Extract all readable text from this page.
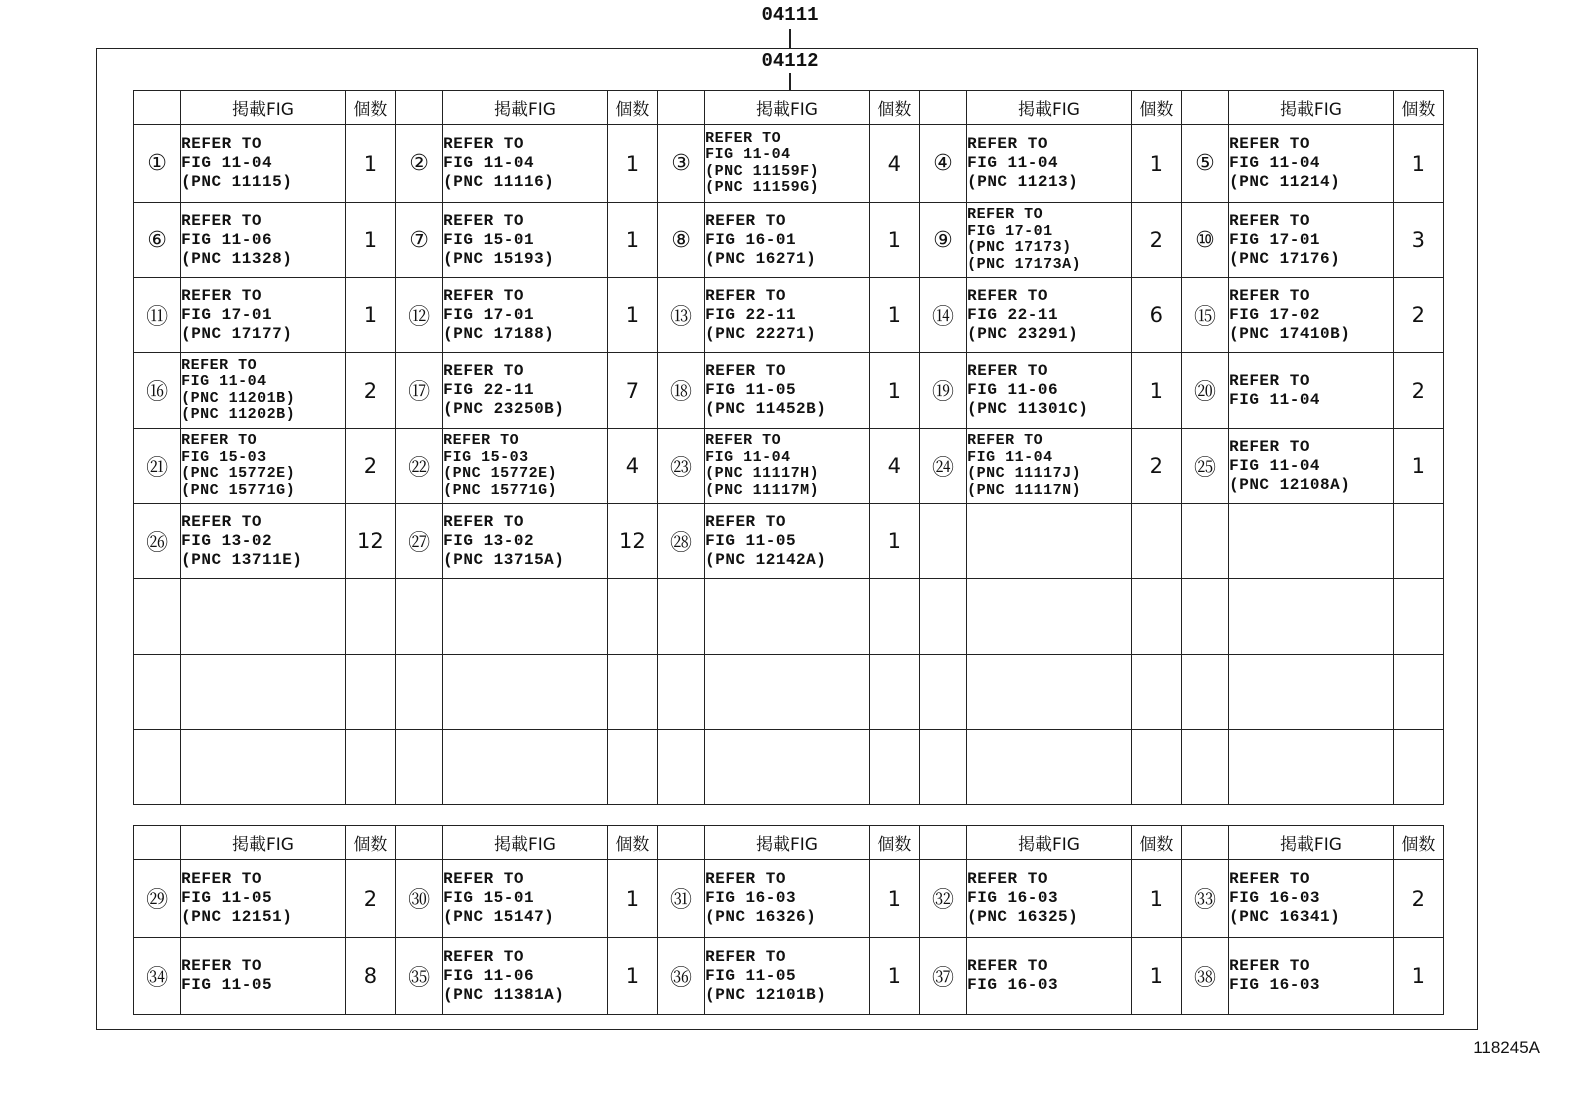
04111
04112
	掲載FIG	個数		掲載FIG	個数		掲載FIG	個数		掲載FIG	個数		掲載FIG	個数
①	REFER TO
FIG 11-04
(PNC 11115)	1	②	REFER TO
FIG 11-04
(PNC 11116)	1	③	REFER TO
FIG 11-04
(PNC 11159F)
(PNC 11159G)	4	④	REFER TO
FIG 11-04
(PNC 11213)	1	⑤	REFER TO
FIG 11-04
(PNC 11214)	1
⑥	REFER TO
FIG 11-06
(PNC 11328)	1	⑦	REFER TO
FIG 15-01
(PNC 15193)	1	⑧	REFER TO
FIG 16-01
(PNC 16271)	1	⑨	REFER TO
FIG 17-01
(PNC 17173)
(PNC 17173A)	2	⑩	REFER TO
FIG 17-01
(PNC 17176)	3
⑪	REFER TO
FIG 17-01
(PNC 17177)	1	⑫	REFER TO
FIG 17-01
(PNC 17188)	1	⑬	REFER TO
FIG 22-11
(PNC 22271)	1	⑭	REFER TO
FIG 22-11
(PNC 23291)	6	⑮	REFER TO
FIG 17-02
(PNC 17410B)	2
⑯	REFER TO
FIG 11-04
(PNC 11201B)
(PNC 11202B)	2	⑰	REFER TO
FIG 22-11
(PNC 23250B)	7	⑱	REFER TO
FIG 11-05
(PNC 11452B)	1	⑲	REFER TO
FIG 11-06
(PNC 11301C)	1	⑳	REFER TO
FIG 11-04	2
㉑	REFER TO
FIG 15-03
(PNC 15772E)
(PNC 15771G)	2	㉒	REFER TO
FIG 15-03
(PNC 15772E)
(PNC 15771G)	4	㉓	REFER TO
FIG 11-04
(PNC 11117H)
(PNC 11117M)	4	㉔	REFER TO
FIG 11-04
(PNC 11117J)
(PNC 11117N)	2	㉕	REFER TO
FIG 11-04
(PNC 12108A)	1
㉖	REFER TO
FIG 13-02
(PNC 13711E)	12	㉗	REFER TO
FIG 13-02
(PNC 13715A)	12	㉘	REFER TO
FIG 11-05
(PNC 12142A)	1						

	掲載FIG	個数		掲載FIG	個数		掲載FIG	個数		掲載FIG	個数		掲載FIG	個数
㉙	REFER TO
FIG 11-05
(PNC 12151)	2	㉚	REFER TO
FIG 15-01
(PNC 15147)	1	㉛	REFER TO
FIG 16-03
(PNC 16326)	1	㉜	REFER TO
FIG 16-03
(PNC 16325)	1	㉝	REFER TO
FIG 16-03
(PNC 16341)	2
㉞	REFER TO
FIG 11-05	8	㉟	REFER TO
FIG 11-06
(PNC 11381A)	1	㊱	REFER TO
FIG 11-05
(PNC 12101B)	1	㊲	REFER TO
FIG 16-03	1	㊳	REFER TO
FIG 16-03	1
118245A
